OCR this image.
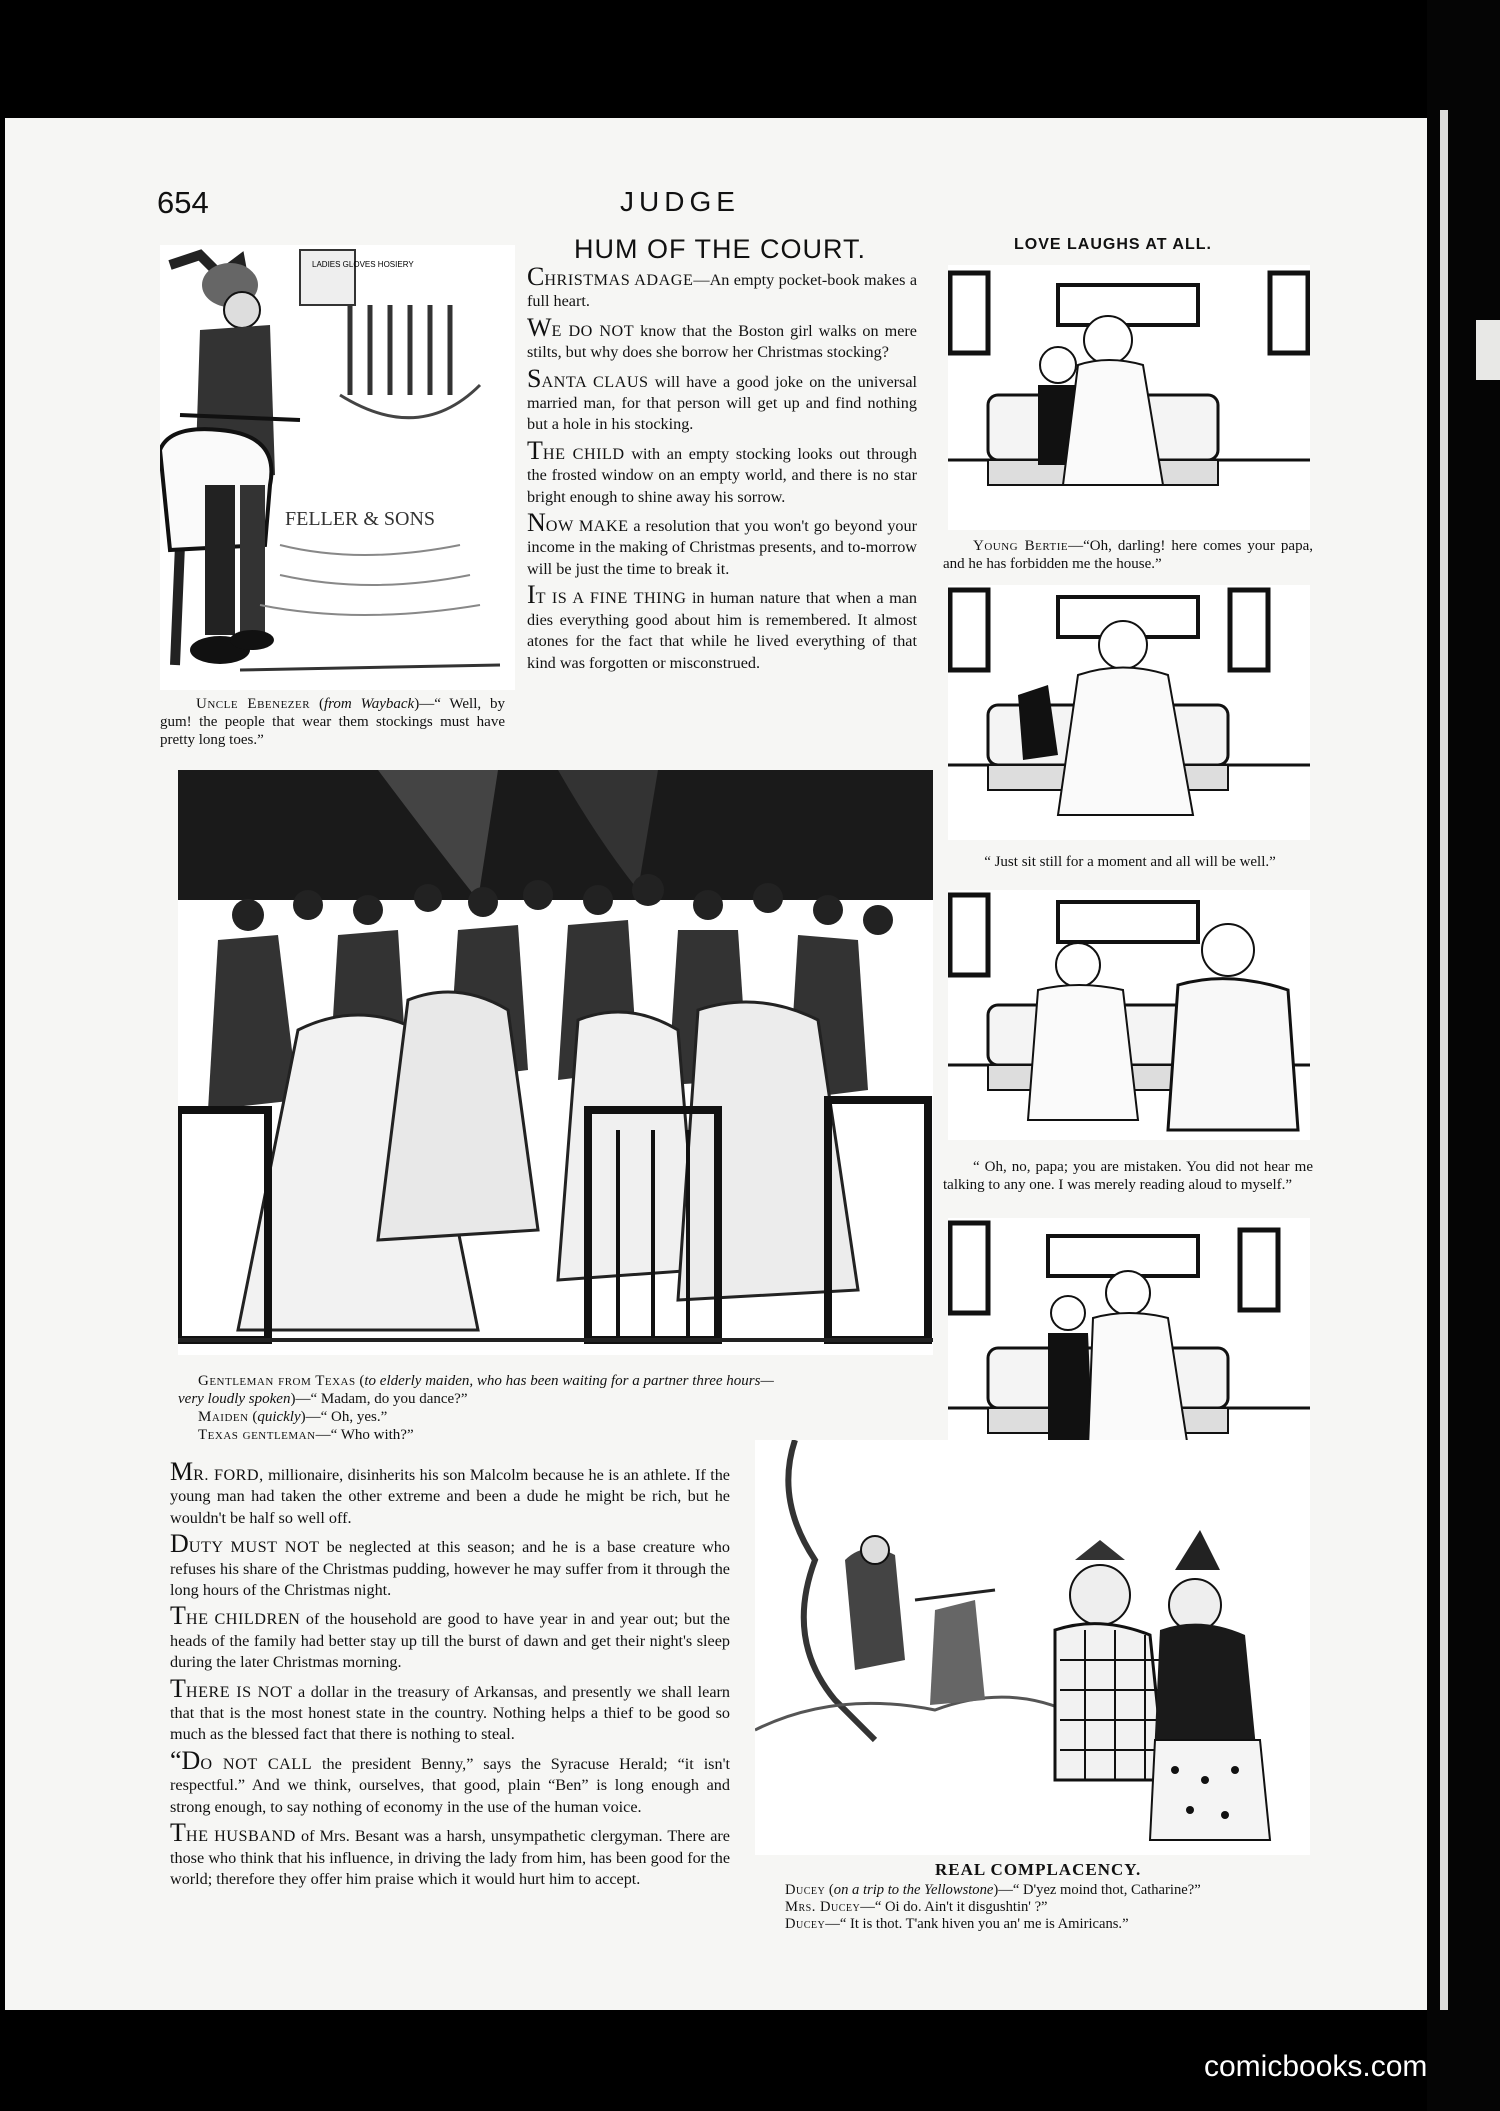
654	JUDGE
LADIES GLOVES HOSIERY
FELLER & SONS
Uncle Ebenezer (from Wayback)—“ Well, by gum! the people that wear them stockings must have pretty long toes.”
HUM OF THE COURT.

CHRISTMAS ADAGE—An empty pocket-book makes a full heart.

WE DO NOT know that the Boston girl walks on mere stilts, but why does she borrow her Christmas stocking?

SANTA CLAUS will have a good joke on the universal married man, for that person will get up and find nothing but a hole in his stocking.

THE CHILD with an empty stocking looks out through the frosted window on an empty world, and there is no star bright enough to shine away his sorrow.

NOW MAKE a resolution that you won't go beyond your income in the making of Christmas presents, and to-morrow will be just the time to break it.

IT IS A FINE THING in human nature that when a man dies everything good about him is remembered. It almost atones for the fact that while he lived everything of that kind was forgotten or misconstrued.

Gentleman from Texas (to elderly maiden, who has been waiting for a partner three hours—very loudly spoken)—“ Madam, do you dance?”
Maiden (quickly)—“ Oh, yes.”
Texas gentleman—“ Who with?”
LOVE LAUGHS AT ALL.
Young Bertie—“Oh, darling! here comes your papa, and he has forbidden me the house.”
“ Just sit still for a moment and all will be well.”
“ Oh, no, papa; you are mistaken. You did not hear me talking to any one. I was merely reading aloud to myself.”

MR. FORD, millionaire, disinherits his son Malcolm because he is an athlete. If the young man had taken the other extreme and been a dude he might be rich, but he wouldn't be half so well off.

DUTY MUST NOT be neglected at this season; and he is a base creature who refuses his share of the Christmas pudding, however he may suffer from it through the long hours of the Christmas night.

THE CHILDREN of the household are good to have year in and year out; but the heads of the family had better stay up till the burst of dawn and get their night's sleep during the later Christmas morning.

THERE IS NOT a dollar in the treasury of Arkansas, and presently we shall learn that that is the most honest state in the country. Nothing helps a thief to be good so much as the blessed fact that there is nothing to steal.

“DO NOT CALL the president Benny,” says the Syracuse Herald; “it isn't respectful.” And we think, ourselves, that good, plain “Ben” is long enough and strong enough, to say nothing of economy in the use of the human voice.

THE HUSBAND of Mrs. Besant was a harsh, unsympathetic clergyman. There are those who think that his influence, in driving the lady from him, has been good for the world; therefore they offer him praise which it would hurt him to accept.	REAL COMPLACENCY.
Ducey (on a trip to the Yellowstone)—“ D'yez moind thot, Catharine?”
Mrs. Ducey—“ Oi do. Ain't it disgushtin' ?”
Ducey—“ It is thot. T'ank hiven you an' me is Amiricans.”
comicbooks.com
